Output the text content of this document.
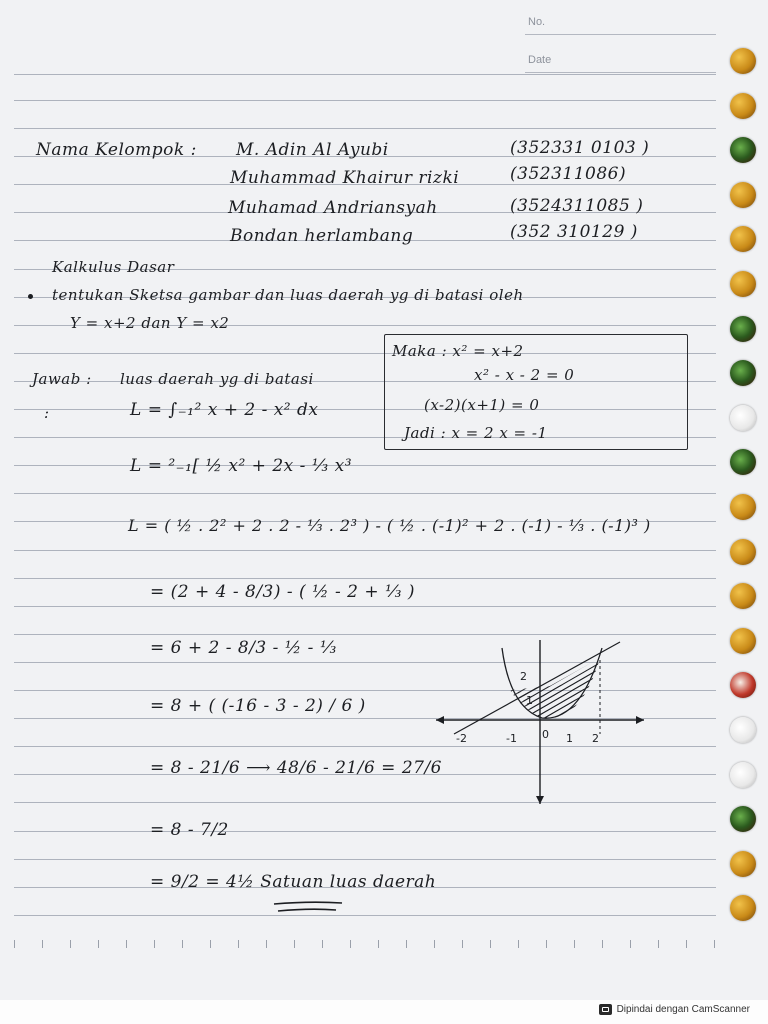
No.
Date
Nama Kelompok : M. Adin Al Ayubi	(352331 0103 )
Muhammad Khairur rizki	(352311086)
Muhamad Andriansyah	(3524311085 )
Bondan herlambang	(352 310129 )
Kalkulus Dasar
tentukan Sketsa gambar dan luas daerah yg di batasi oleh
Y = x+2 dan Y = x2
Maka : x² = x+2
x² - x - 2 = 0
(x-2)(x+1) = 0
Jadi : x = 2 x = -1
Jawab : luas daerah yg di batasi
:	L = ∫₋₁² x + 2 - x² dx
L = ²₋₁[ ½ x² + 2x - ⅓ x³
L = ( ½ . 2² + 2 . 2 - ⅓ . 2³ ) - ( ½ . (-1)² + 2 . (-1) - ⅓ . (-1)³ )
= (2 + 4 - 8/3) - ( ½ - 2 + ⅓ )
= 6 + 2 - 8/3 - ½ - ⅓
= 8 + ( (-16 - 3 - 2) / 6 )
= 8 - 21/6 ⟶ 48/6 - 21/6 = 27/6
= 8 - 7/2
= 9/2 = 4½ Satuan luas daerah
-2	-1 0 1 2
2
1
Dipindai dengan CamScanner
